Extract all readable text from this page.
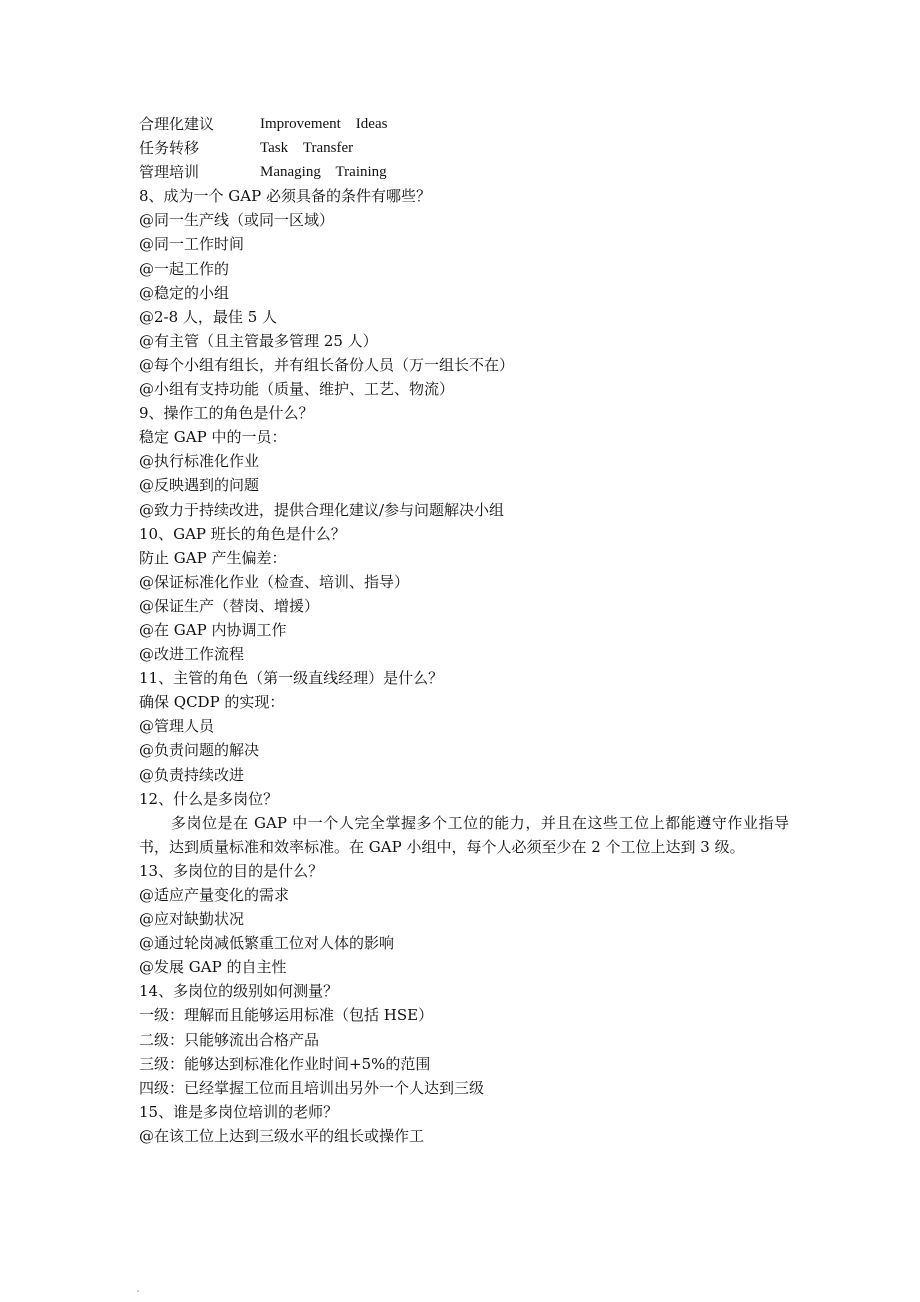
合理化建议	Improvement    Ideas
任务转移	Task    Transfer
管理培训	Managing    Training
8、成为一个 GAP 必须具备的条件有哪些？
@同一生产线（或同一区域）
@同一工作时间
@一起工作的
@稳定的小组
@2-8 人，最佳 5 人
@有主管（且主管最多管理 25 人）
@每个小组有组长，并有组长备份人员（万一组长不在）
@小组有支持功能（质量、维护、工艺、物流）
9、操作工的角色是什么？
稳定 GAP 中的一员：
@执行标准化作业
@反映遇到的问题
@致力于持续改进，提供合理化建议/参与问题解决小组
10、GAP 班长的角色是什么？
防止 GAP 产生偏差：
@保证标准化作业（检查、培训、指导）
@保证生产（替岗、增援）
@在 GAP 内协调工作
@改进工作流程
11、主管的角色（第一级直线经理）是什么？
确保 QCDP 的实现：
@管理人员
@负责问题的解决
@负责持续改进
12、什么是多岗位？
多岗位是在 GAP 中一个人完全掌握多个工位的能力，并且在这些工位上都能遵守作业指导书，达到质量标准和效率标准。在 GAP 小组中，每个人必须至少在 2 个工位上达到 3 级。
13、多岗位的目的是什么？
@适应产量变化的需求
@应对缺勤状况
@通过轮岗减低繁重工位对人体的影响
@发展 GAP 的自主性
14、多岗位的级别如何测量？
一级：理解而且能够运用标准（包括 HSE）
二级：只能够流出合格产品
三级：能够达到标准化作业时间+5%的范围
四级：已经掌握工位而且培训出另外一个人达到三级
15、谁是多岗位培训的老师？
@在该工位上达到三级水平的组长或操作工
